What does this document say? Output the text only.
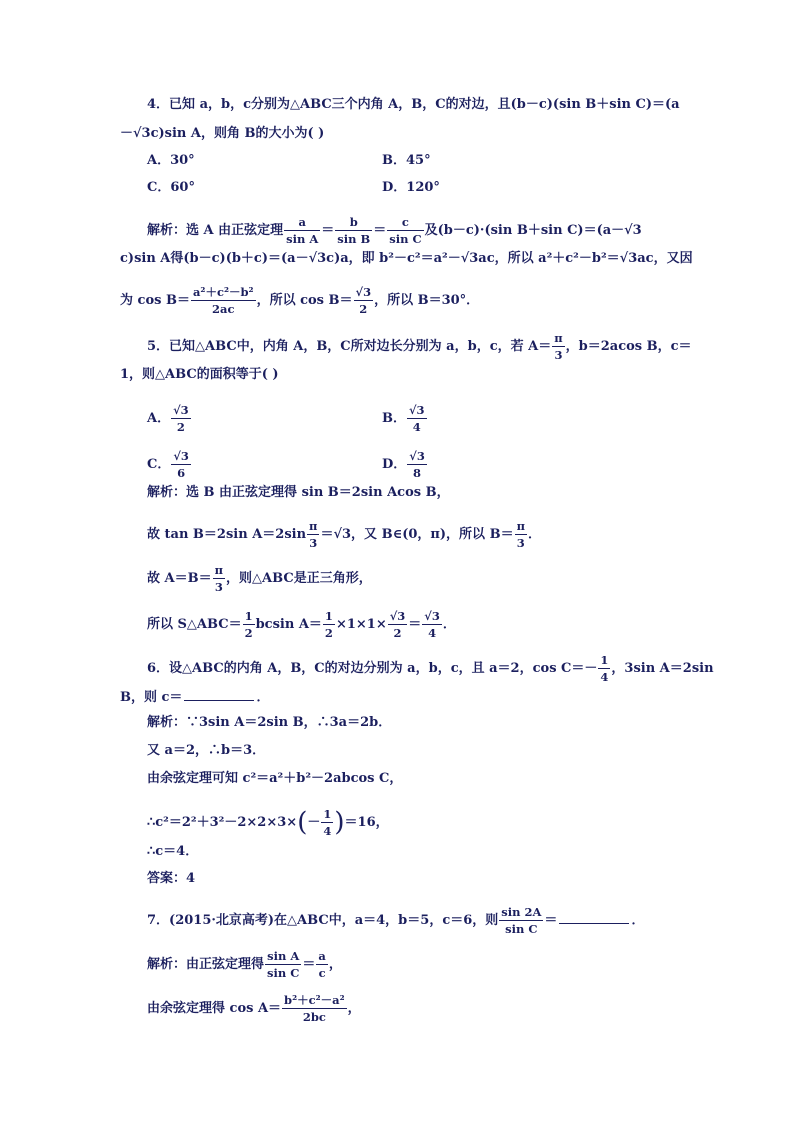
4．已知 a，b，c分别为△ABC三个内角 A，B，C的对边，且(b－c)(sin B＋sin C)＝(a
－√3c)sin A，则角 B的大小为( )
A．30°	B．45°
C．60°	D．120°
解析：选 A 由正弦定理 $\frac{a}{\text{sin A}} = \frac{b}{\text{sin B}} = \frac{c}{\text{sin C}}$ 及(b－c)·(sin B＋sin C)＝(a－√3
c)sin A得(b－c)(b＋c)＝(a－√3c)a，即 b²－c²＝a²－√3ac，所以 a²＋c²－b²＝√3ac，又因
为 $\cos B= \frac{\text{a²＋c²－b²}}{2ac}$ ，所以 $\cos B= \frac{√3}{2}$ ，所以 B＝30°．
5．已知△ABC中，内角 A，B，C所对边长分别为 a，b，c，若 $A= \frac{\pi}{3}$ ，b＝2acos B，c＝
1，则△ABC的面积等于( )
A． $\frac{√3}{2}$	B． $\frac{√3}{4}$
C． $\frac{√3}{6}$	D． $\frac{√3}{8}$
解析：选 B 由正弦定理得 sin B＝2sin Acos B，
故 tan B＝2sin $A=2\sin \frac{\pi}{3} =√3$，又 B∈(0，π)，所以 $B= \frac{\pi}{3}$ ．
故 $A=B= \frac{\pi}{3}$ ，则△ABC是正三角形，
所以 S△ABC＝ $\frac{1}{2}$ bcsin $A= \frac{1}{2} \times 1\times 1\times \frac{√3}{2} = \frac{√3}{4}$ ．
6．设△ABC的内角 A，B，C的对边分别为 a，b，c，且 a＝2，$\cos C=- \frac{1}{4}$ ，3sin A＝2sin
B，则 c＝	．
解析：∵3sin A＝2sin B，∴3a＝2b．
又 a＝2，∴b＝3．
由余弦定理可知 c²＝a²＋b²－2abcos C，
∴c²＝2²＋3²－2×2×3×(－ $\frac{1}{4} )=16$，
∴c＝4．
答案：4
7．(2015·北京高考)在△ABC中，a＝4，b＝5，c＝6，则 $\frac{\sin 2A}{\text{sin C}}$ ＝	．
解析：由正弦定理得 $\frac{\text{sin A}}{\text{sin C}} = \frac{a}{c}$ ，
由余弦定理得 $\cos A= \frac{\text{b²＋c²－a²}}{2bc}$ ，
